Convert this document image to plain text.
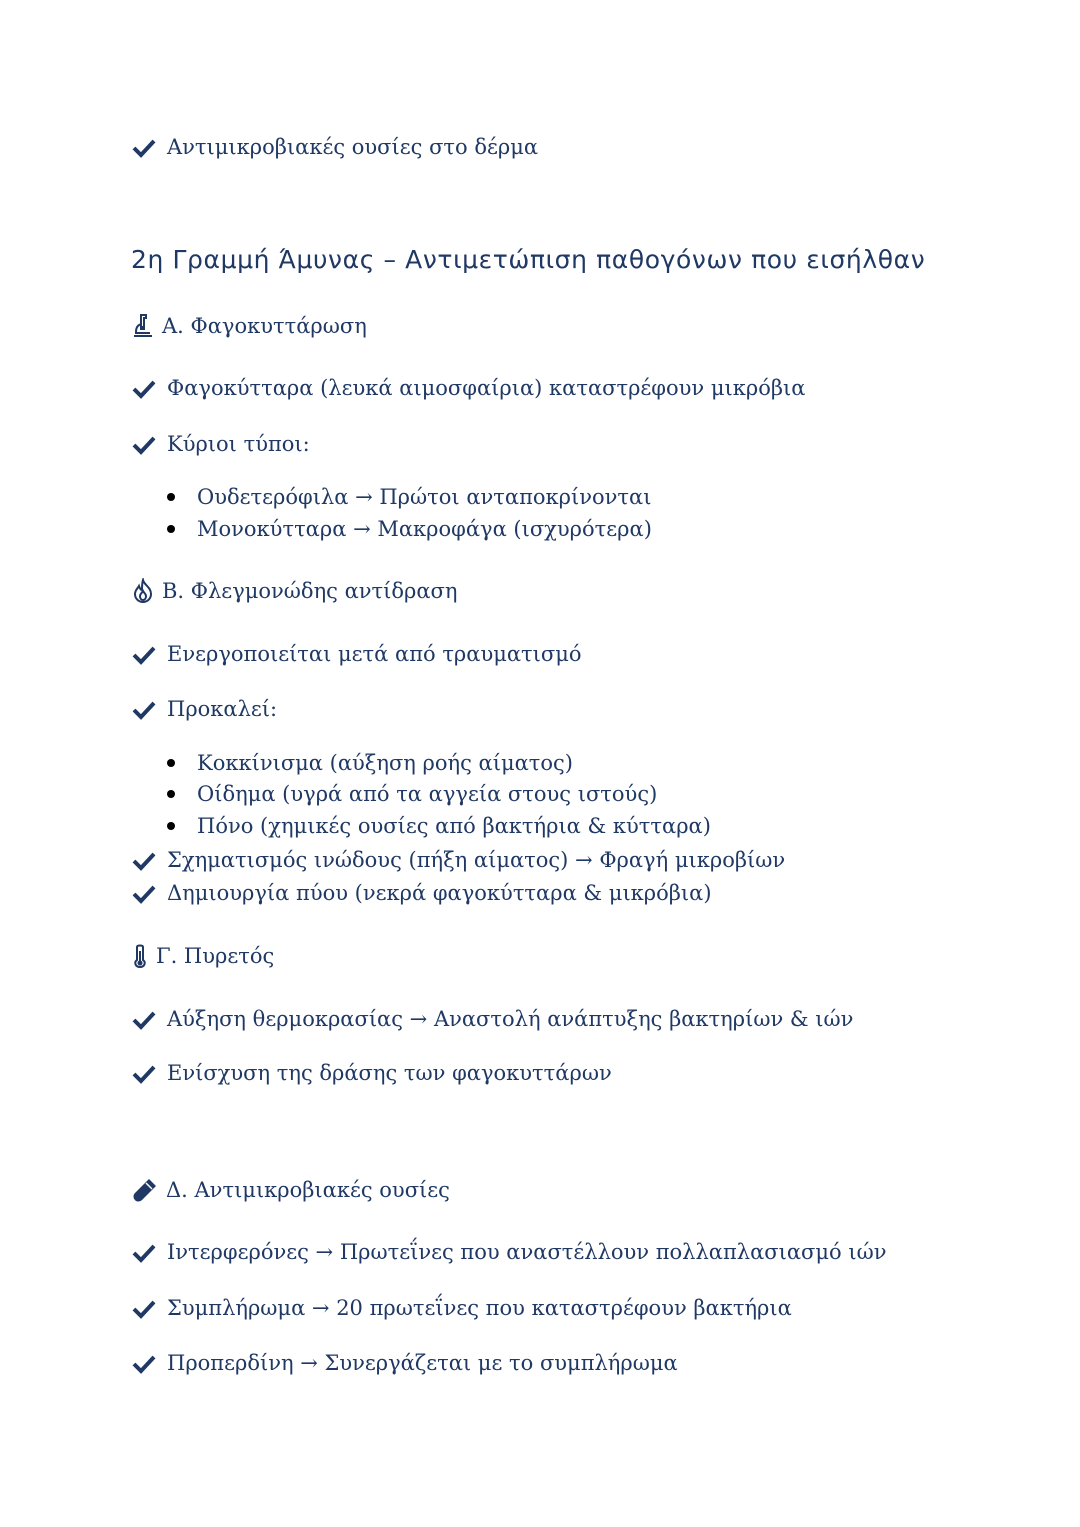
Αντιμικροβιακές ουσίες στο δέρμα
2η Γραμμή Άμυνας – Αντιμετώπιση παθογόνων που εισήλθαν
Α. Φαγοκυττάρωση
Φαγοκύτταρα (λευκά αιμοσφαίρια) καταστρέφουν μικρόβια
Κύριοι τύποι:
Ουδετερόφιλα → Πρώτοι ανταποκρίνονται
Μονοκύτταρα → Μακροφάγα (ισχυρότερα)
Β. Φλεγμονώδης αντίδραση
Ενεργοποιείται μετά από τραυματισμό
Προκαλεί:
Κοκκίνισμα (αύξηση ροής αίματος)
Οίδημα (υγρά από τα αγγεία στους ιστούς)
Πόνο (χημικές ουσίες από βακτήρια & κύτταρα)
Σχηματισμός ινώδους (πήξη αίματος) → Φραγή μικροβίων
Δημιουργία πύου (νεκρά φαγοκύτταρα & μικρόβια)
Γ. Πυρετός
Αύξηση θερμοκρασίας → Αναστολή ανάπτυξης βακτηρίων & ιών
Ενίσχυση της δράσης των φαγοκυττάρων
Δ. Αντιμικροβιακές ουσίες
Ιντερφερόνες → Πρωτεΐνες που αναστέλλουν πολλαπλασιασμό ιών
Συμπλήρωμα → 20 πρωτεΐνες που καταστρέφουν βακτήρια
Προπερδίνη → Συνεργάζεται με το συμπλήρωμα
